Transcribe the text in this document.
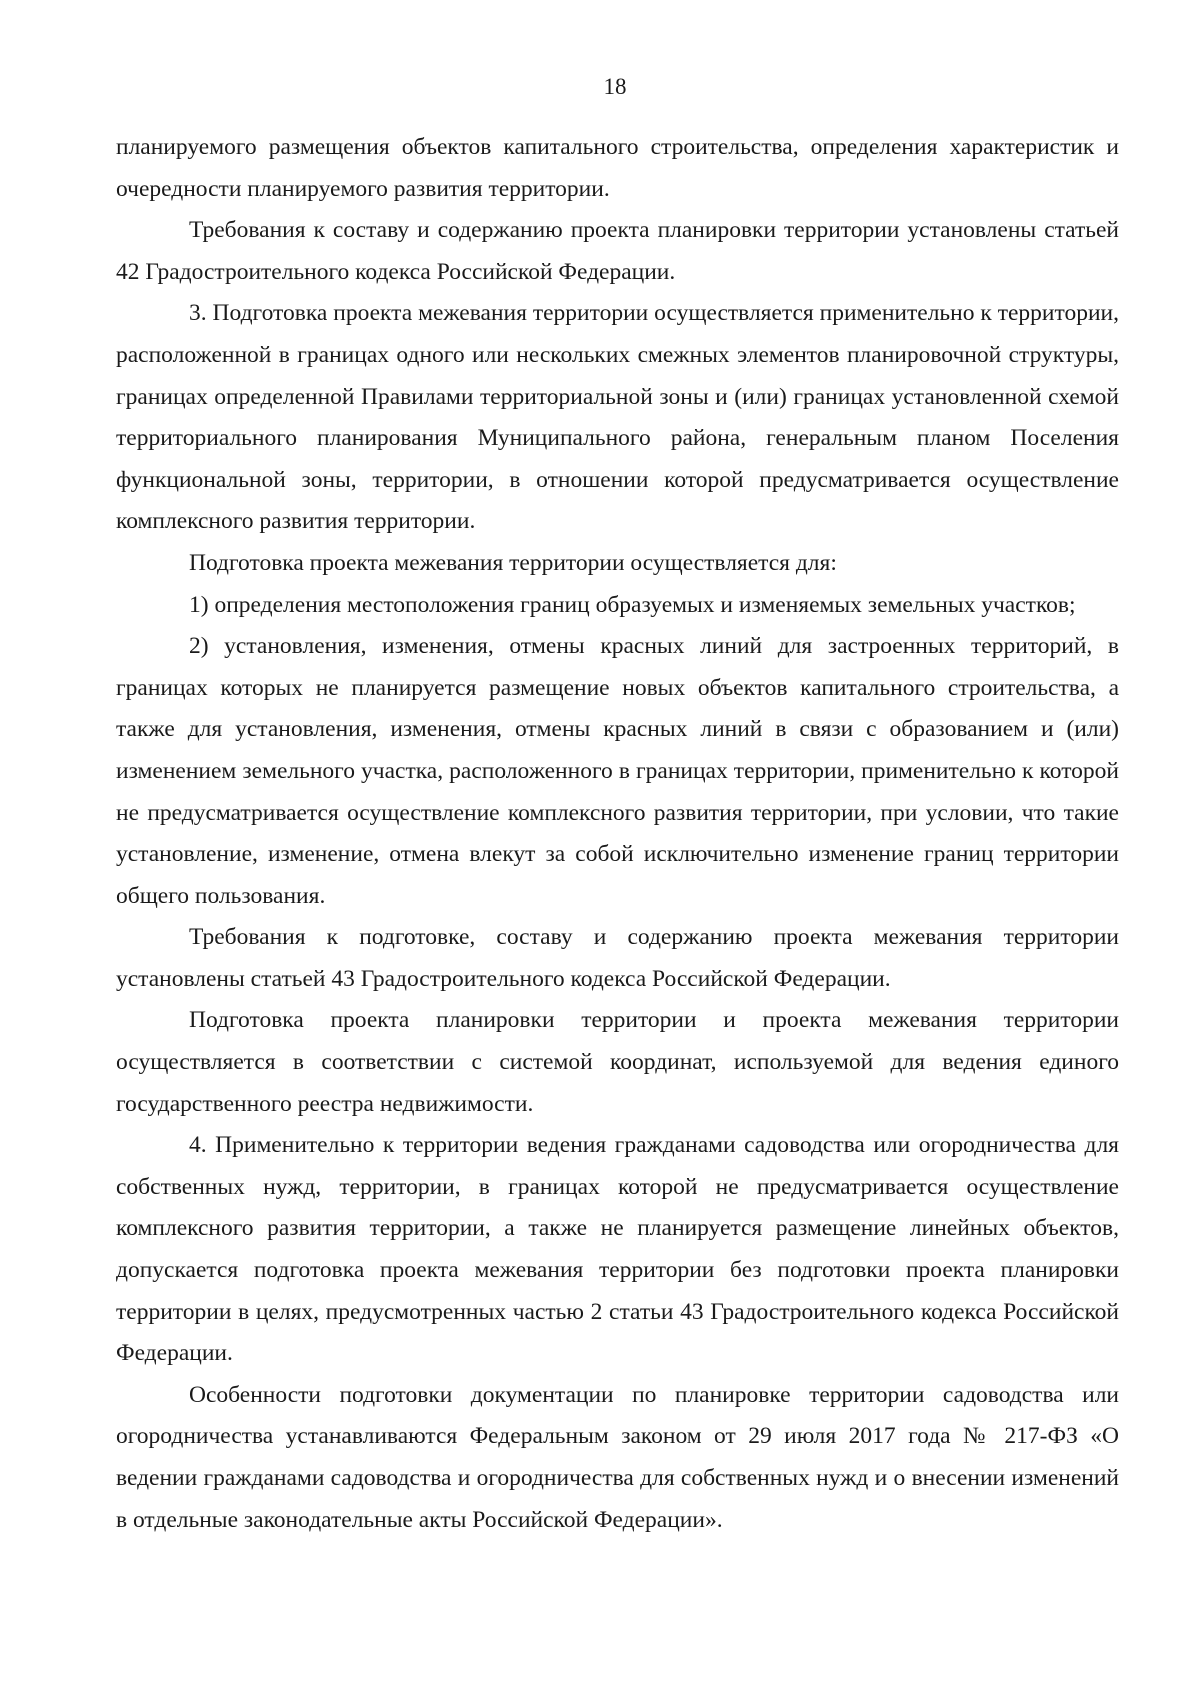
18

планируемого размещения объектов капитального строительства, определения характеристик и очередности планируемого развития территории.

Требования к составу и содержанию проекта планировки территории установлены статьей 42 Градостроительного кодекса Российской Федерации.

3. Подготовка проекта межевания территории осуществляется применительно к территории, расположенной в границах одного или нескольких смежных элементов планировочной структуры, границах определенной Правилами территориальной зоны и (или) границах установленной схемой территориального планирования Муниципального района, генеральным планом Поселения функциональной зоны, территории, в отношении которой предусматривается осуществление комплексного развития территории.

Подготовка проекта межевания территории осуществляется для:

1) определения местоположения границ образуемых и изменяемых земельных участков;

2) установления, изменения, отмены красных линий для застроенных территорий, в границах которых не планируется размещение новых объектов капитального строительства, а также для установления, изменения, отмены красных линий в связи с образованием и (или) изменением земельного участка, расположенного в границах территории, применительно к которой не предусматривается осуществление комплексного развития территории, при условии, что такие установление, изменение, отмена влекут за собой исключительно изменение границ территории общего пользования.

Требования к подготовке, составу и содержанию проекта межевания территории установлены статьей 43 Градостроительного кодекса Российской Федерации.

Подготовка проекта планировки территории и проекта межевания территории осуществляется в соответствии с системой координат, используемой для ведения единого государственного реестра недвижимости.

4. Применительно к территории ведения гражданами садоводства или огородничества для собственных нужд, территории, в границах которой не предусматривается осуществление комплексного развития территории, а также не планируется размещение линейных объектов, допускается подготовка проекта межевания территории без подготовки проекта планировки территории в целях, предусмотренных частью 2 статьи 43 Градостроительного кодекса Российской Федерации.

Особенности подготовки документации по планировке территории садоводства или огородничества устанавливаются Федеральным законом от 29 июля 2017 года № 217-ФЗ «О ведении гражданами садоводства и огородничества для собственных нужд и о внесении изменений в отдельные законодательные акты Российской Федерации».
